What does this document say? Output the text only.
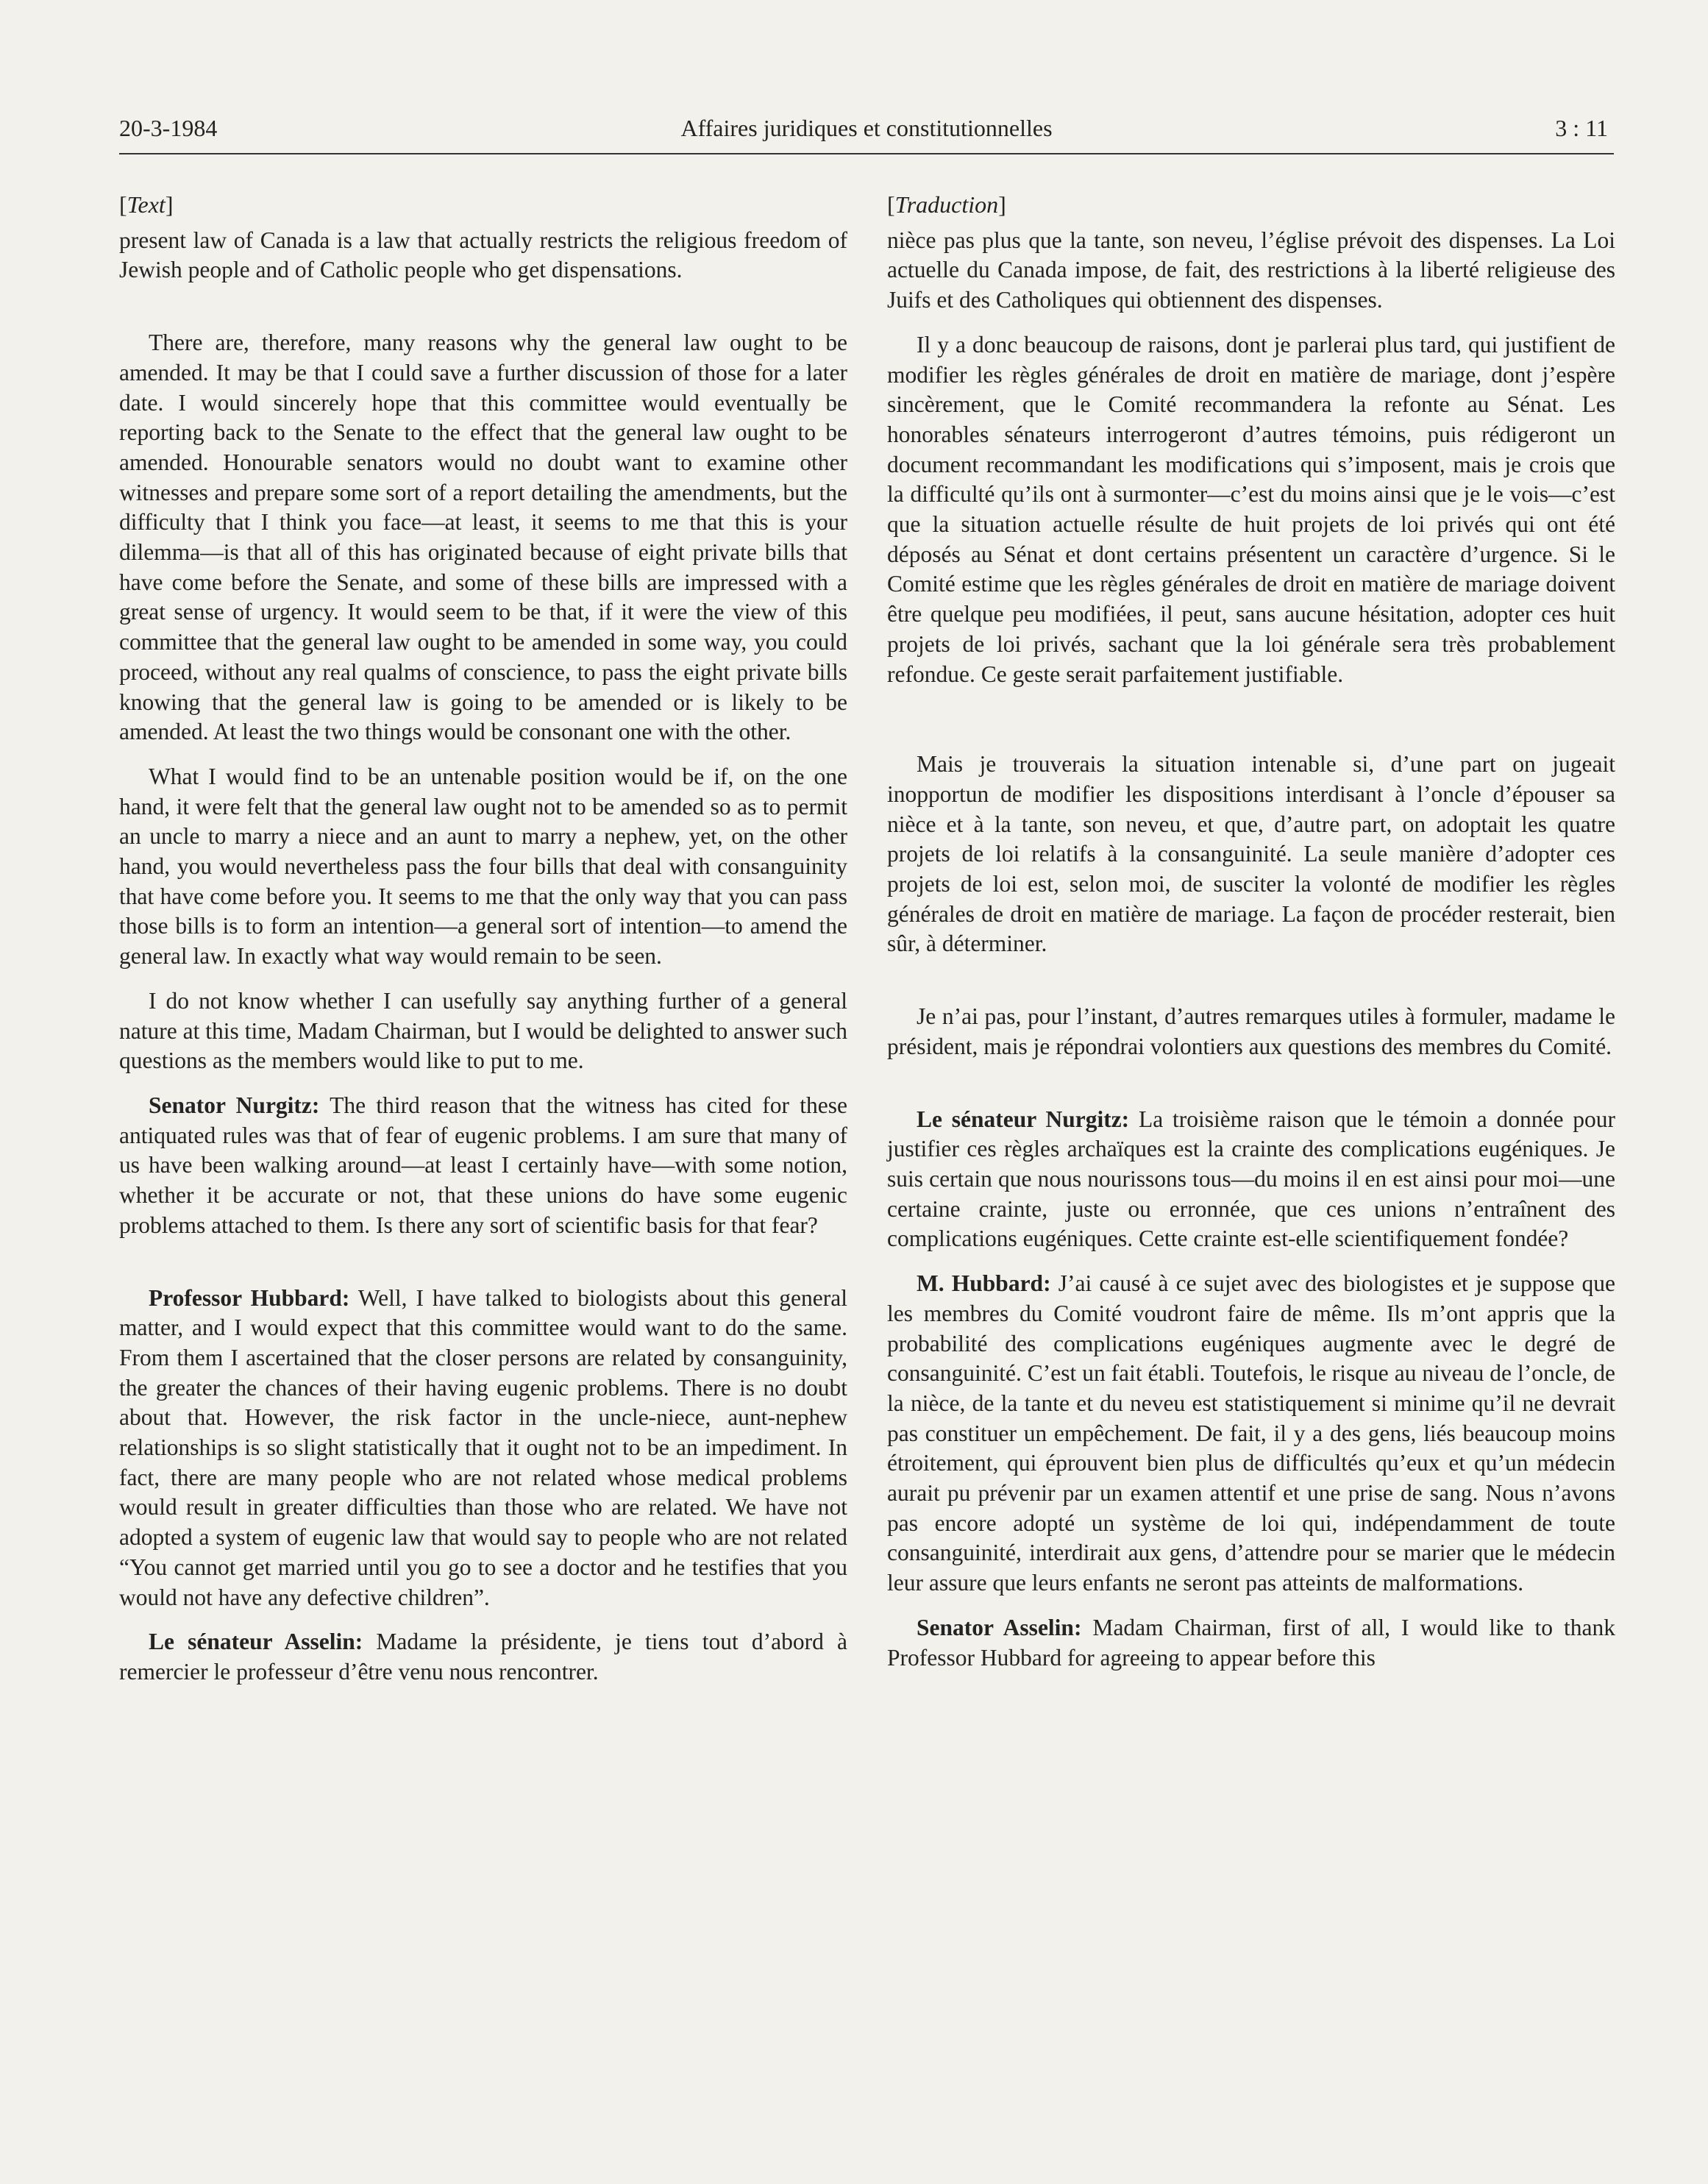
20-3-1984	Affaires juridiques et constitutionnelles	3 : 11
[Text]

present law of Canada is a law that actually restricts the religious freedom of Jewish people and of Catholic people who get dispensations.

There are, therefore, many reasons why the general law ought to be amended. It may be that I could save a further discussion of those for a later date. I would sincerely hope that this committee would eventually be reporting back to the Senate to the effect that the general law ought to be amended. Honourable senators would no doubt want to examine other witnesses and prepare some sort of a report detailing the amendments, but the difficulty that I think you face—at least, it seems to me that this is your dilemma—is that all of this has originated because of eight private bills that have come before the Senate, and some of these bills are impressed with a great sense of urgency. It would seem to be that, if it were the view of this committee that the general law ought to be amended in some way, you could proceed, without any real qualms of conscience, to pass the eight private bills knowing that the general law is going to be amended or is likely to be amended. At least the two things would be consonant one with the other.

What I would find to be an untenable position would be if, on the one hand, it were felt that the general law ought not to be amended so as to permit an uncle to marry a niece and an aunt to marry a nephew, yet, on the other hand, you would nevertheless pass the four bills that deal with consanguinity that have come before you. It seems to me that the only way that you can pass those bills is to form an intention—a general sort of intention—to amend the general law. In exactly what way would remain to be seen.

I do not know whether I can usefully say anything further of a general nature at this time, Madam Chairman, but I would be delighted to answer such questions as the members would like to put to me.

Senator Nurgitz: The third reason that the witness has cited for these antiquated rules was that of fear of eugenic problems. I am sure that many of us have been walking around—at least I certainly have—with some notion, whether it be accurate or not, that these unions do have some eugenic problems attached to them. Is there any sort of scientific basis for that fear?

Professor Hubbard: Well, I have talked to biologists about this general matter, and I would expect that this committee would want to do the same. From them I ascertained that the closer persons are related by consanguinity, the greater the chances of their having eugenic problems. There is no doubt about that. However, the risk factor in the uncle-niece, aunt-nephew relationships is so slight statistically that it ought not to be an impediment. In fact, there are many people who are not related whose medical problems would result in greater difficulties than those who are related. We have not adopted a system of eugenic law that would say to people who are not related “You cannot get married until you go to see a doctor and he testifies that you would not have any defective children”.

Le sénateur Asselin: Madame la présidente, je tiens tout d’abord à remercier le professeur d’être venu nous rencontrer.

[Traduction]

nièce pas plus que la tante, son neveu, l’église prévoit des dispenses. La Loi actuelle du Canada impose, de fait, des restrictions à la liberté religieuse des Juifs et des Catholiques qui obtiennent des dispenses.

Il y a donc beaucoup de raisons, dont je parlerai plus tard, qui justifient de modifier les règles générales de droit en matière de mariage, dont j’espère sincèrement, que le Comité recommandera la refonte au Sénat. Les honorables sénateurs interrogeront d’autres témoins, puis rédigeront un document recommandant les modifications qui s’imposent, mais je crois que la difficulté qu’ils ont à surmonter—c’est du moins ainsi que je le vois—c’est que la situation actuelle résulte de huit projets de loi privés qui ont été déposés au Sénat et dont certains présentent un caractère d’urgence. Si le Comité estime que les règles générales de droit en matière de mariage doivent être quelque peu modifiées, il peut, sans aucune hésitation, adopter ces huit projets de loi privés, sachant que la loi générale sera très probablement refondue. Ce geste serait parfaitement justifiable.

Mais je trouverais la situation intenable si, d’une part on jugeait inopportun de modifier les dispositions interdisant à l’oncle d’épouser sa nièce et à la tante, son neveu, et que, d’autre part, on adoptait les quatre projets de loi relatifs à la consanguinité. La seule manière d’adopter ces projets de loi est, selon moi, de susciter la volonté de modifier les règles générales de droit en matière de mariage. La façon de procéder resterait, bien sûr, à déterminer.

Je n’ai pas, pour l’instant, d’autres remarques utiles à formuler, madame le président, mais je répondrai volontiers aux questions des membres du Comité.

Le sénateur Nurgitz: La troisième raison que le témoin a donnée pour justifier ces règles archaïques est la crainte des complications eugéniques. Je suis certain que nous nourissons tous—du moins il en est ainsi pour moi—une certaine crainte, juste ou erronnée, que ces unions n’entraînent des complications eugéniques. Cette crainte est-elle scientifiquement fondée?

M. Hubbard: J’ai causé à ce sujet avec des biologistes et je suppose que les membres du Comité voudront faire de même. Ils m’ont appris que la probabilité des complications eugéniques augmente avec le degré de consanguinité. C’est un fait établi. Toutefois, le risque au niveau de l’oncle, de la nièce, de la tante et du neveu est statistiquement si minime qu’il ne devrait pas constituer un empêchement. De fait, il y a des gens, liés beaucoup moins étroitement, qui éprouvent bien plus de difficultés qu’eux et qu’un médecin aurait pu prévenir par un examen attentif et une prise de sang. Nous n’avons pas encore adopté un système de loi qui, indépendamment de toute consanguinité, interdirait aux gens, d’attendre pour se marier que le médecin leur assure que leurs enfants ne seront pas atteints de malformations.

Senator Asselin: Madam Chairman, first of all, I would like to thank Professor Hubbard for agreeing to appear before this
